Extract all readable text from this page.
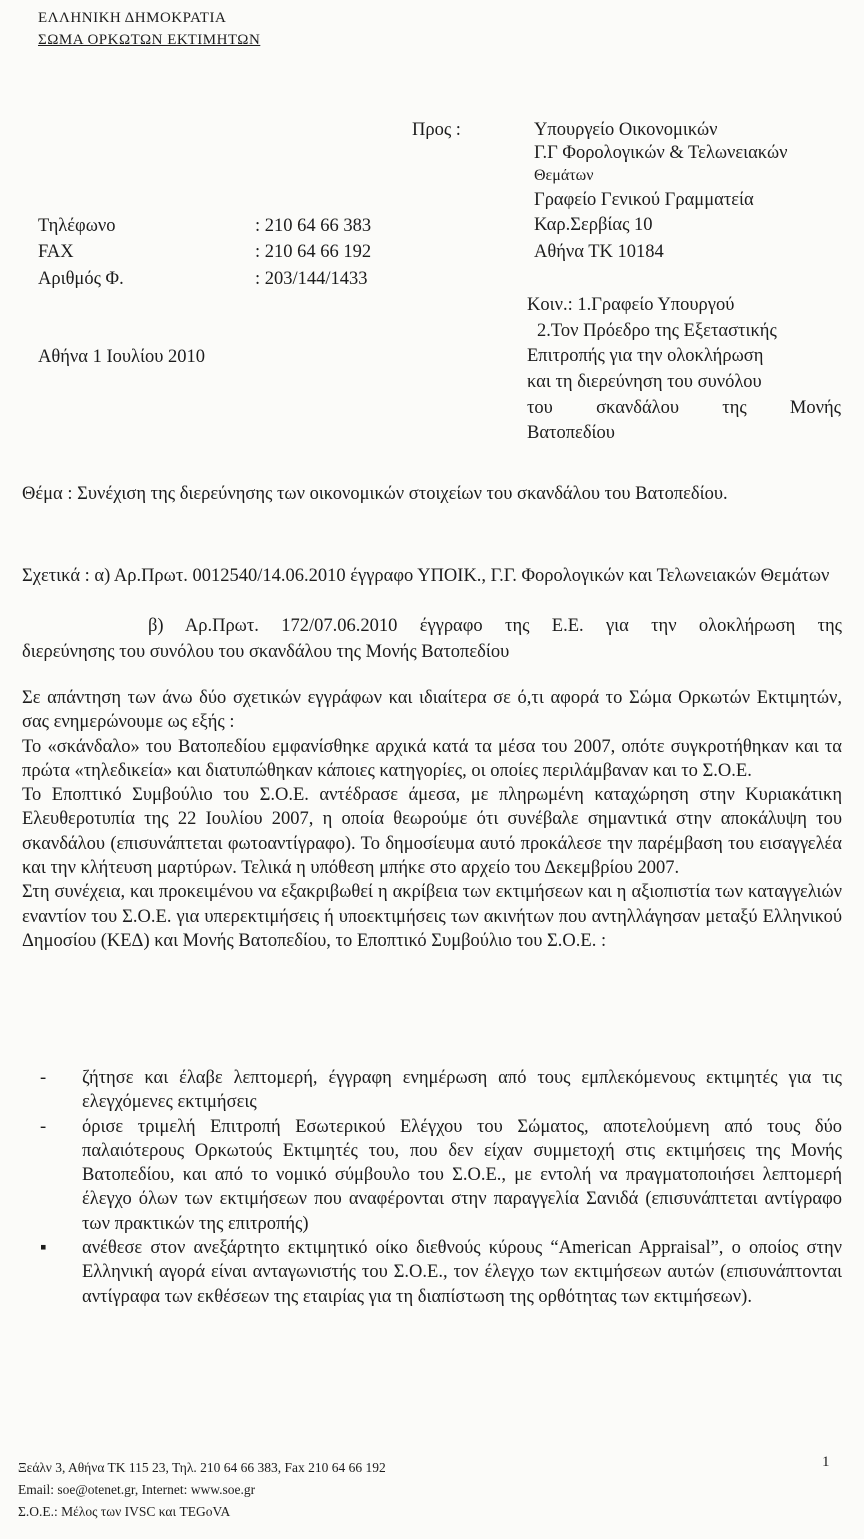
ΕΛΛΗΝΙΚΗ ΔΗΜΟΚΡΑΤΙΑ
ΣΩΜΑ ΟΡΚΩΤΩΝ ΕΚΤΙΜΗΤΩΝ
Προς :	Υπουργείο Οικονομικών
Γ.Γ Φορολογικών & Τελωνειακών
Θεμάτων
Γραφείο Γενικού Γραμματεία
Καρ.Σερβίας 10
Αθήνα ΤΚ 10184
Τηλέφωνο	: 210 64 66 383
FAX	: 210 64 66 192
Αριθμός Φ.	: 203/144/1433
Κοιν.: 1.Γραφείο Υπουργού
2.Τον Πρόεδρο της Εξεταστικής
Επιτροπής για την ολοκλήρωση
και τη διερεύνηση του συνόλου
του σκανδάλου της Μονής
Βατοπεδίου
Αθήνα 1 Ιουλίου 2010
Θέμα : Συνέχιση της διερεύνησης των οικονομικών στοιχείων του σκανδάλου του Βατοπεδίου.
Σχετικά : α) Αρ.Πρωτ. 0012540/14.06.2010 έγγραφο ΥΠΟΙΚ., Γ.Γ. Φορολογικών και Τελωνειακών Θεμάτων
β) Αρ.Πρωτ. 172/07.06.2010 έγγραφο της Ε.Ε. για την ολοκλήρωση της
διερεύνησης του συνόλου του σκανδάλου της Μονής Βατοπεδίου

Σε απάντηση των άνω δύο σχετικών εγγράφων και ιδιαίτερα σε ό,τι αφορά το Σώμα Ορκωτών Εκτιμητών, σας ενημερώνουμε ως εξής :

Το «σκάνδαλο» του Βατοπεδίου εμφανίσθηκε αρχικά κατά τα μέσα του 2007, οπότε συγκροτήθηκαν και τα πρώτα «τηλεδικεία» και διατυπώθηκαν κάποιες κατηγορίες, οι οποίες περιλάμβαναν και το Σ.Ο.Ε.

Το Εποπτικό Συμβούλιο του Σ.Ο.Ε. αντέδρασε άμεσα, με πληρωμένη καταχώρηση στην Κυριακάτικη Ελευθεροτυπία της 22 Ιουλίου 2007, η οποία θεωρούμε ότι συνέβαλε σημαντικά στην αποκάλυψη του σκανδάλου (επισυνάπτεται φωτοαντίγραφο). Το δημοσίευμα αυτό προκάλεσε την παρέμβαση του εισαγγελέα και την κλήτευση μαρτύρων. Τελικά η υπόθεση μπήκε στο αρχείο του Δεκεμβρίου 2007.

Στη συνέχεια, και προκειμένου να εξακριβωθεί η ακρίβεια των εκτιμήσεων και η αξιοπιστία των καταγγελιών εναντίον του Σ.Ο.Ε. για υπερεκτιμήσεις ή υποεκτιμήσεις των ακινήτων που αντηλλάγησαν μεταξύ Ελληνικού Δημοσίου (ΚΕΔ) και Μονής Βατοπεδίου, το Εποπτικό Συμβούλιο του Σ.Ο.Ε. :

- ζήτησε και έλαβε λεπτομερή, έγγραφη ενημέρωση από τους εμπλεκόμενους εκτιμητές για τις ελεγχόμενες εκτιμήσεις
- όρισε τριμελή Επιτροπή Εσωτερικού Ελέγχου του Σώματος, αποτελούμενη από τους δύο παλαιότερους Ορκωτούς Εκτιμητές του, που δεν είχαν συμμετοχή στις εκτιμήσεις της Μονής Βατοπεδίου, και από το νομικό σύμβουλο του Σ.Ο.Ε., με εντολή να πραγματοποιήσει λεπτομερή έλεγχο όλων των εκτιμήσεων που αναφέρονται στην παραγγελία Σανιδά (επισυνάπτεται αντίγραφο των πρακτικών της επιτροπής)
▪ ανέθεσε στον ανεξάρτητο εκτιμητικό οίκο διεθνούς κύρους “American Appraisal”, ο οποίος στην Ελληνική αγορά είναι ανταγωνιστής του Σ.Ο.Ε., τον έλεγχο των εκτιμήσεων αυτών (επισυνάπτονται αντίγραφα των εκθέσεων της εταιρίας για τη διαπίστωση της ορθότητας των εκτιμήσεων).
Ξεάλν 3, Αθήνα ΤΚ 115 23, Τηλ. 210 64 66 383, Fax 210 64 66 192
Email: soe@otenet.gr, Internet: www.soe.gr
Σ.Ο.Ε.: Μέλος των IVSC και TEGoVA
1
